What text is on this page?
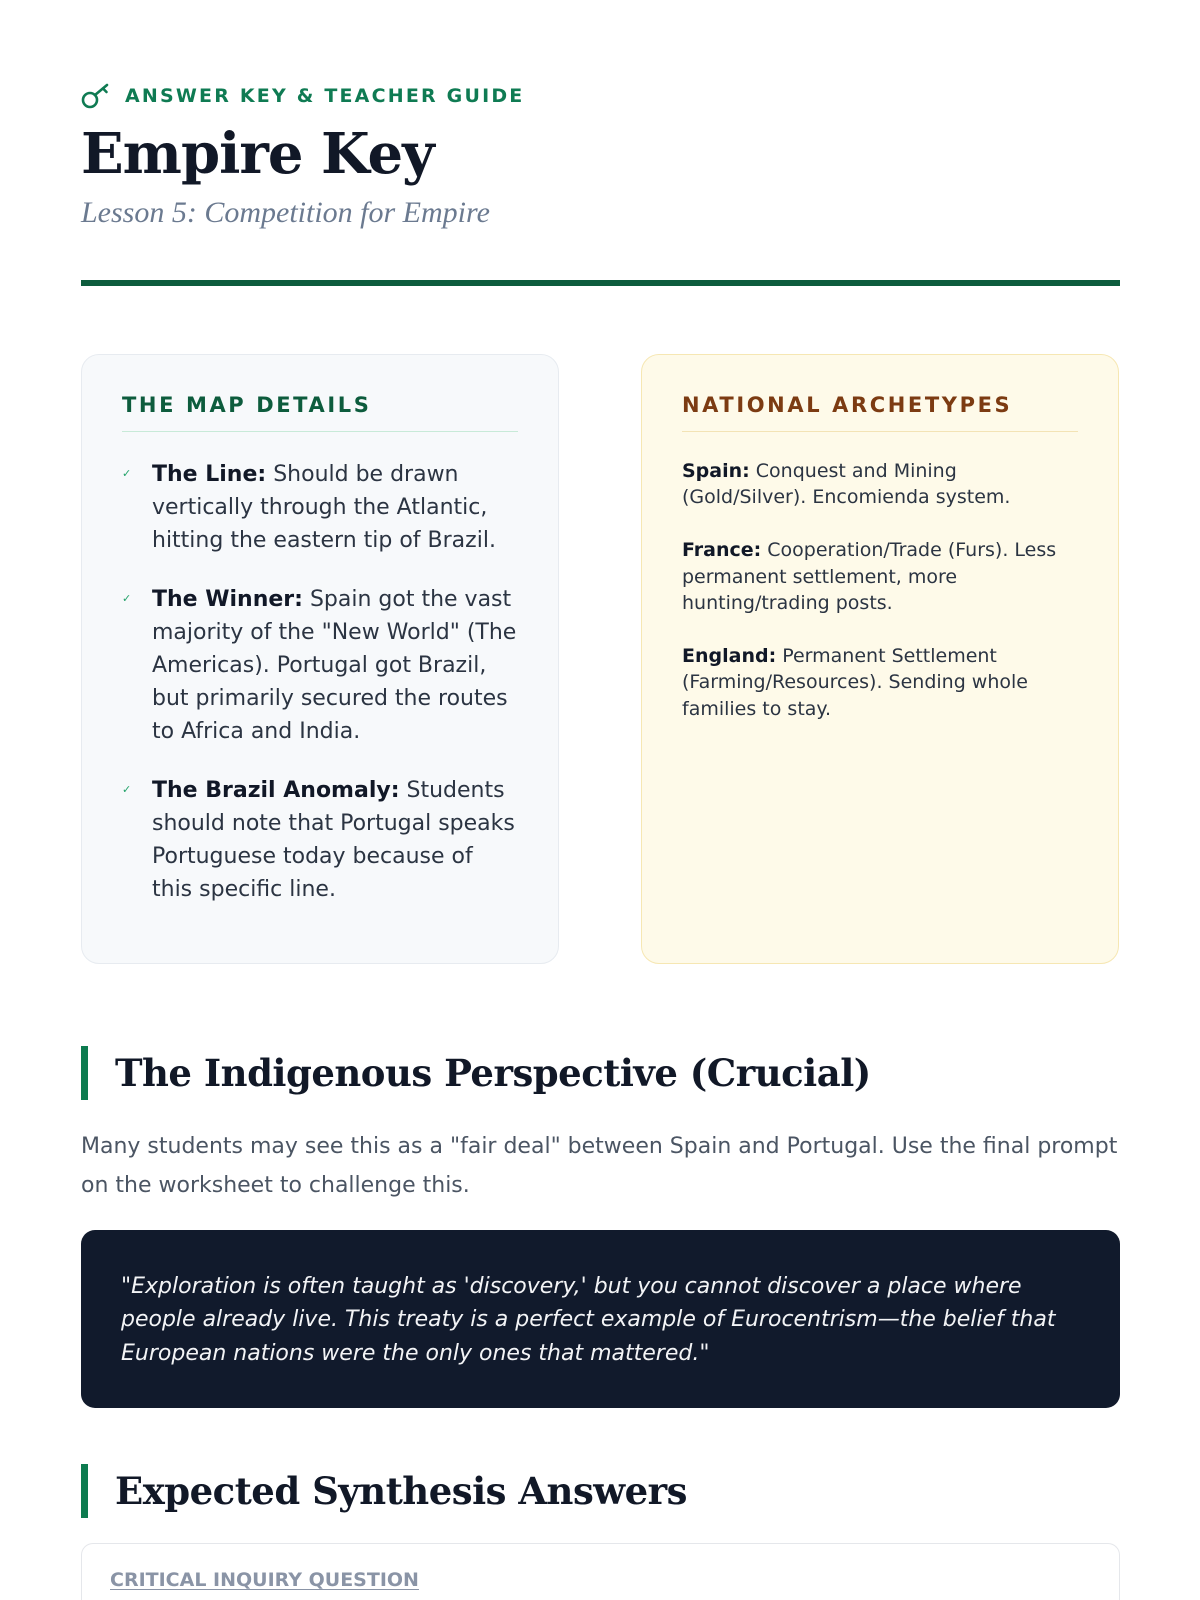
ANSWER KEY & TEACHER GUIDE
Empire Key
Lesson 5: Competition for Empire
THE MAP DETAILS
✓ The Line: Should be drawn vertically through the Atlantic, hitting the eastern tip of Brazil.
✓ The Winner: Spain got the vast majority of the "New World" (The Americas). Portugal got Brazil, but primarily secured the routes to Africa and India.
✓ The Brazil Anomaly: Students should note that Portugal speaks Portuguese today because of this specific line.
NATIONAL ARCHETYPES

Spain: Conquest and Mining (Gold/Silver). Encomienda system.

France: Cooperation/Trade (Furs). Less permanent settlement, more hunting/trading posts.

England: Permanent Settlement (Farming/Resources). Sending whole families to stay.

The Indigenous Perspective (Crucial)
Many students may see this as a "fair deal" between Spain and Portugal. Use the final prompt on the worksheet to challenge this.
"Exploration is often taught as 'discovery,' but you cannot discover a place where people already live. This treaty is a perfect example of Eurocentrism—the belief that European nations were the only ones that mattered."
Expected Synthesis Answers
CRITICAL INQUIRY QUESTION
